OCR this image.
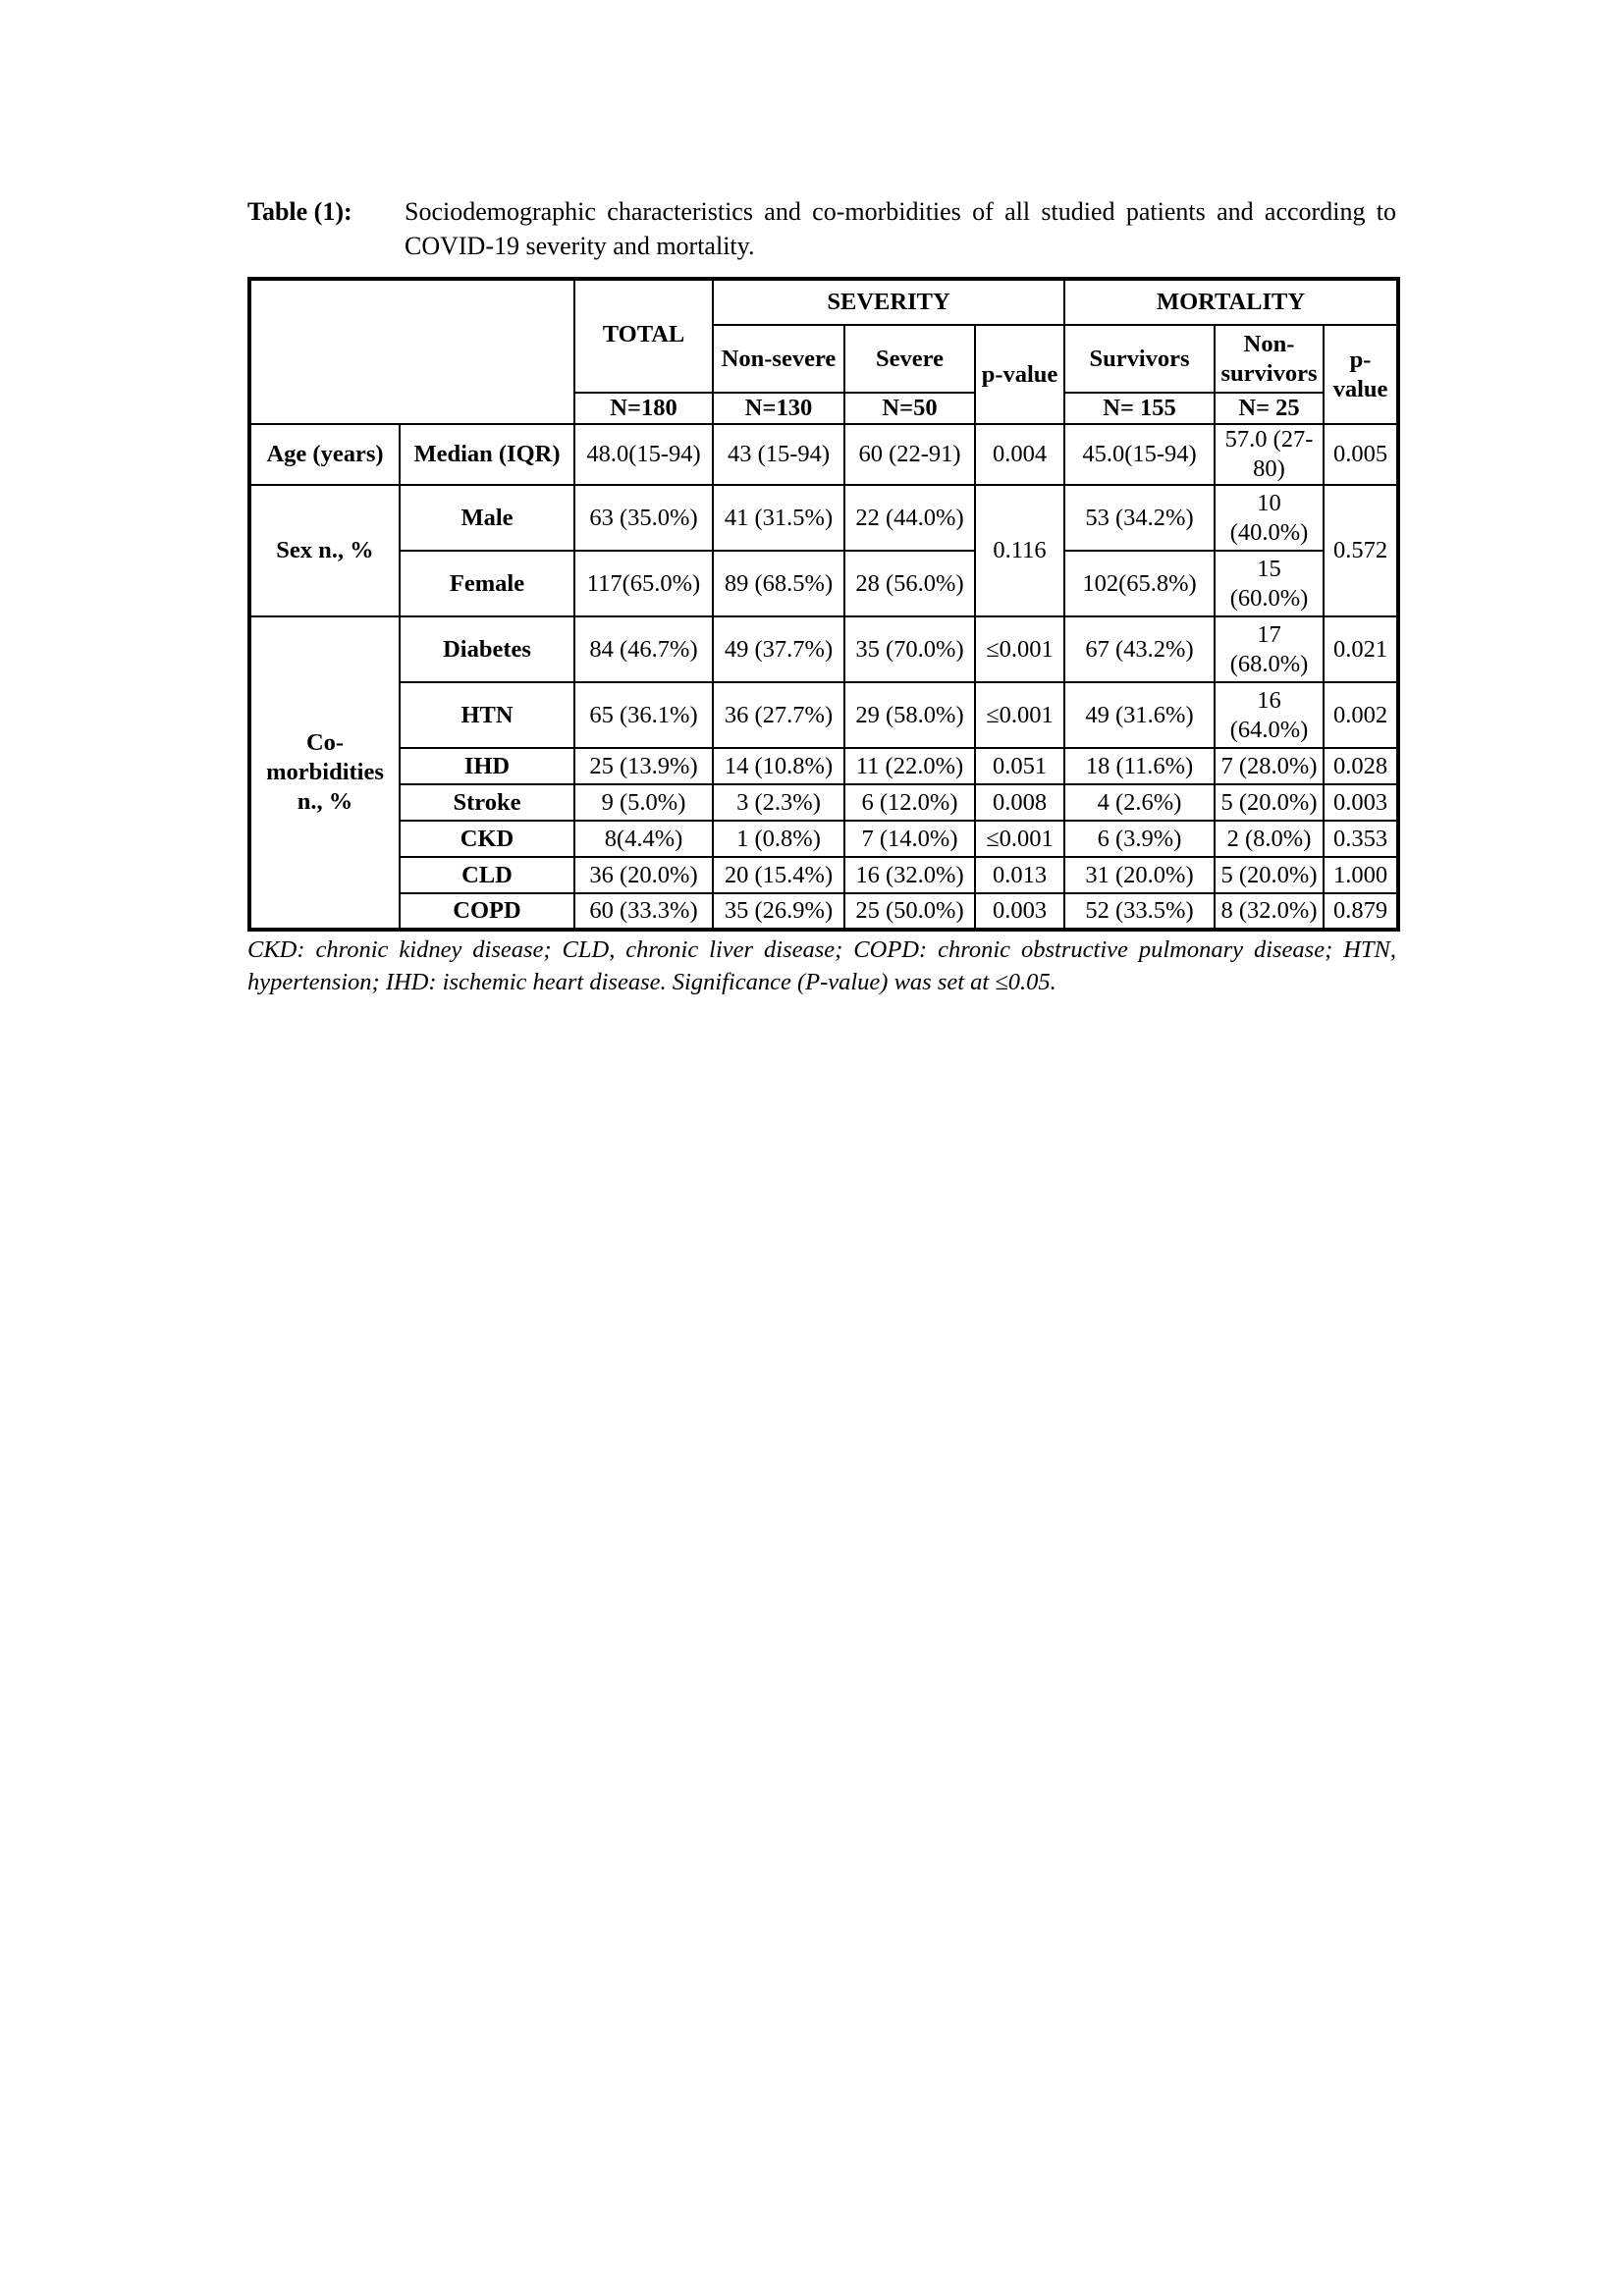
Table (1):	Sociodemographic characteristics and co-morbidities of all studied patients and according to COVID-19 severity and mortality.
		TOTAL	SEVERITY			MORTALITY		
			Non-severe	Severe	p-value	Survivors	Non-survivors	p-value
		N=180	N=130	N=50		N= 155	N= 25	
Age (years)	Median (IQR)	48.0(15-94)	43 (15-94)	60 (22-91)	0.004	45.0(15-94)	57.0 (27-80)	0.005
Sex n., %	Male	63 (35.0%)	41 (31.5%)	22 (44.0%)	0.116	53 (34.2%)	10 (40.0%)	0.572
	Female	117(65.0%)	89 (68.5%)	28 (56.0%)		102(65.8%)	15 (60.0%)	
Co-morbidities n., %	Diabetes	84 (46.7%)	49 (37.7%)	35 (70.0%)	≤0.001	67 (43.2%)	17 (68.0%)	0.021
	HTN	65 (36.1%)	36 (27.7%)	29 (58.0%)	≤0.001	49 (31.6%)	16 (64.0%)	0.002
	IHD	25 (13.9%)	14 (10.8%)	11 (22.0%)	0.051	18 (11.6%)	7 (28.0%)	0.028
	Stroke	9 (5.0%)	3 (2.3%)	6 (12.0%)	0.008	4 (2.6%)	5 (20.0%)	0.003
	CKD	8(4.4%)	1 (0.8%)	7 (14.0%)	≤0.001	6 (3.9%)	2 (8.0%)	0.353
	CLD	36 (20.0%)	20 (15.4%)	16 (32.0%)	0.013	31 (20.0%)	5 (20.0%)	1.000
	COPD	60 (33.3%)	35 (26.9%)	25 (50.0%)	0.003	52 (33.5%)	8 (32.0%)	0.879
CKD: chronic kidney disease; CLD, chronic liver disease; COPD: chronic obstructive pulmonary disease; HTN, hypertension; IHD: ischemic heart disease. Significance (P-value) was set at ≤0.05.
